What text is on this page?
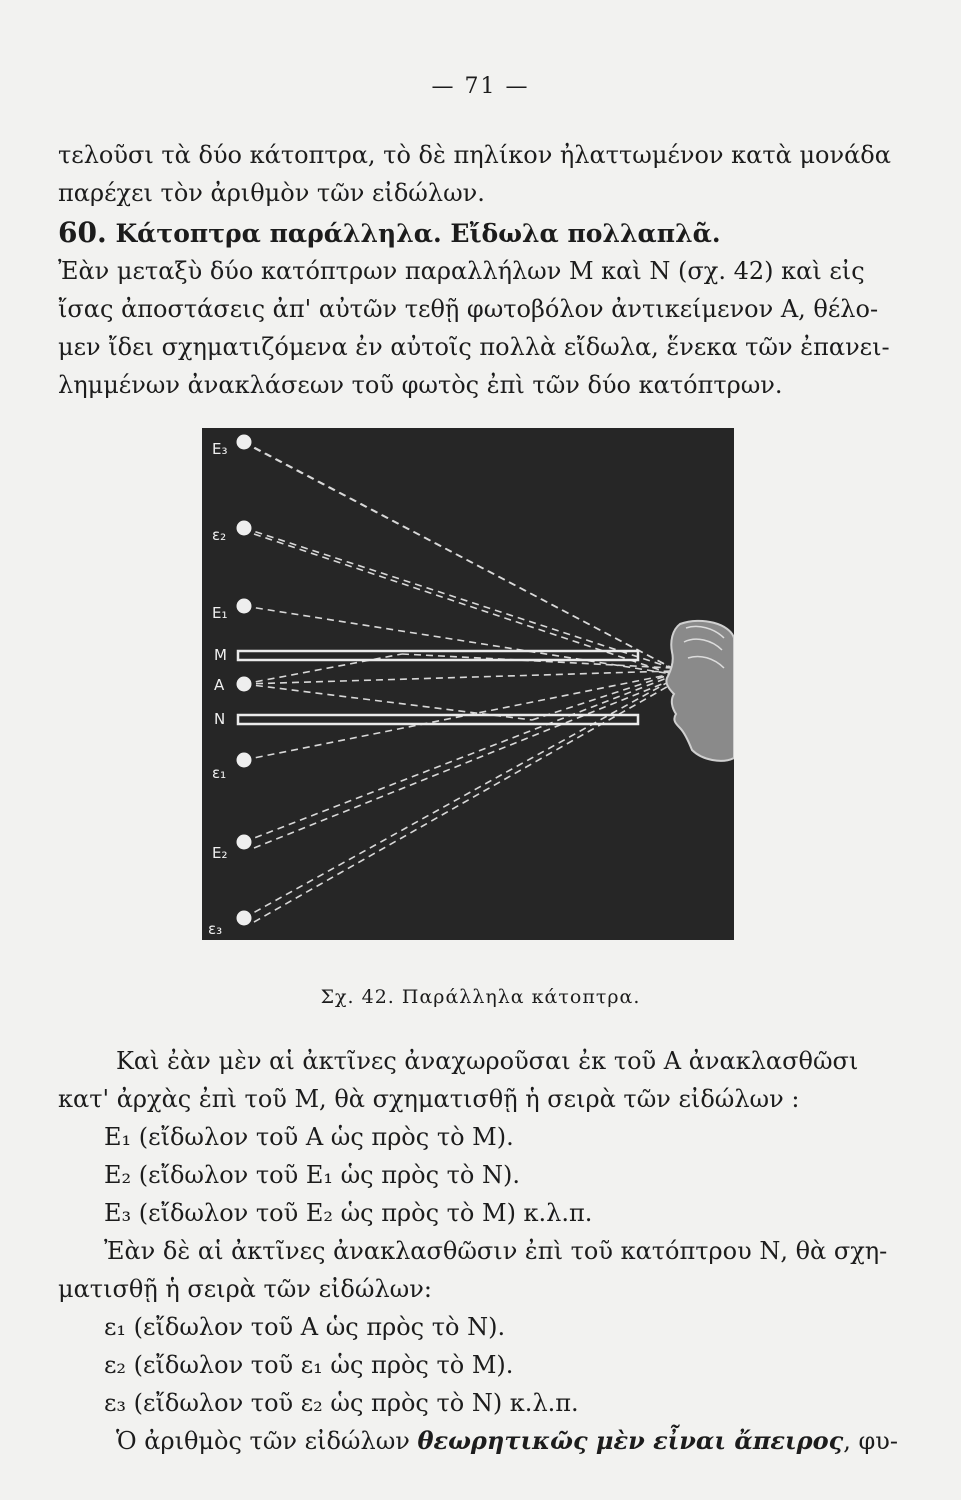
— 71 —
τελοῦσι τὰ δύο κάτοπτρα, τὸ δὲ πηλίκον ἠλαττωμένον κατὰ μονάδα
παρέχει τὸν ἀριθμὸν τῶν εἰδώλων.
60. Κάτοπτρα παράλληλα. Εἴδωλα πολλαπλᾶ.
Ἐὰν μεταξὺ δύο κατόπτρων παραλλήλων Μ καὶ Ν (σχ. 42) καὶ εἰς
ἴσας ἀποστάσεις ἀπ' αὐτῶν τεθῇ φωτοβόλον ἀντικείμενον Α, θέλο-
μεν ἴδει σχηματιζόμενα ἐν αὐτοῖς πολλὰ εἴδωλα, ἕνεκα τῶν ἐπανει-
λημμένων ἀνακλάσεων τοῦ φωτὸς ἐπὶ τῶν δύο κατόπτρων.
Ε₃
ε₂
Ε₁
Μ
Α
Ν
ε₁
Ε₂
ε₃
Σχ. 42. Παράλληλα κάτοπτρα.
Καὶ ἐὰν μὲν αἱ ἀκτῖνες ἀναχωροῦσαι ἐκ τοῦ Α ἀνακλασθῶσι
κατ' ἀρχὰς ἐπὶ τοῦ Μ, θὰ σχηματισθῇ ἡ σειρὰ τῶν εἰδώλων :
Ε₁ (εἴδωλον τοῦ Α ὡς πρὸς τὸ Μ).
Ε₂ (εἴδωλον τοῦ Ε₁ ὡς πρὸς τὸ Ν).
Ε₃ (εἴδωλον τοῦ Ε₂ ὡς πρὸς τὸ Μ) κ.λ.π.
Ἐὰν δὲ αἱ ἀκτῖνες ἀνακλασθῶσιν ἐπὶ τοῦ κατόπτρου Ν, θὰ σχη-
ματισθῇ ἡ σειρὰ τῶν εἰδώλων:
ε₁ (εἴδωλον τοῦ Α ὡς πρὸς τὸ Ν).
ε₂ (εἴδωλον τοῦ ε₁ ὡς πρὸς τὸ Μ).
ε₃ (εἴδωλον τοῦ ε₂ ὡς πρὸς τὸ Ν) κ.λ.π.
Ὁ ἀριθμὸς τῶν εἰδώλων θεωρητικῶς μὲν εἶναι ἄπειρος, φυ-
